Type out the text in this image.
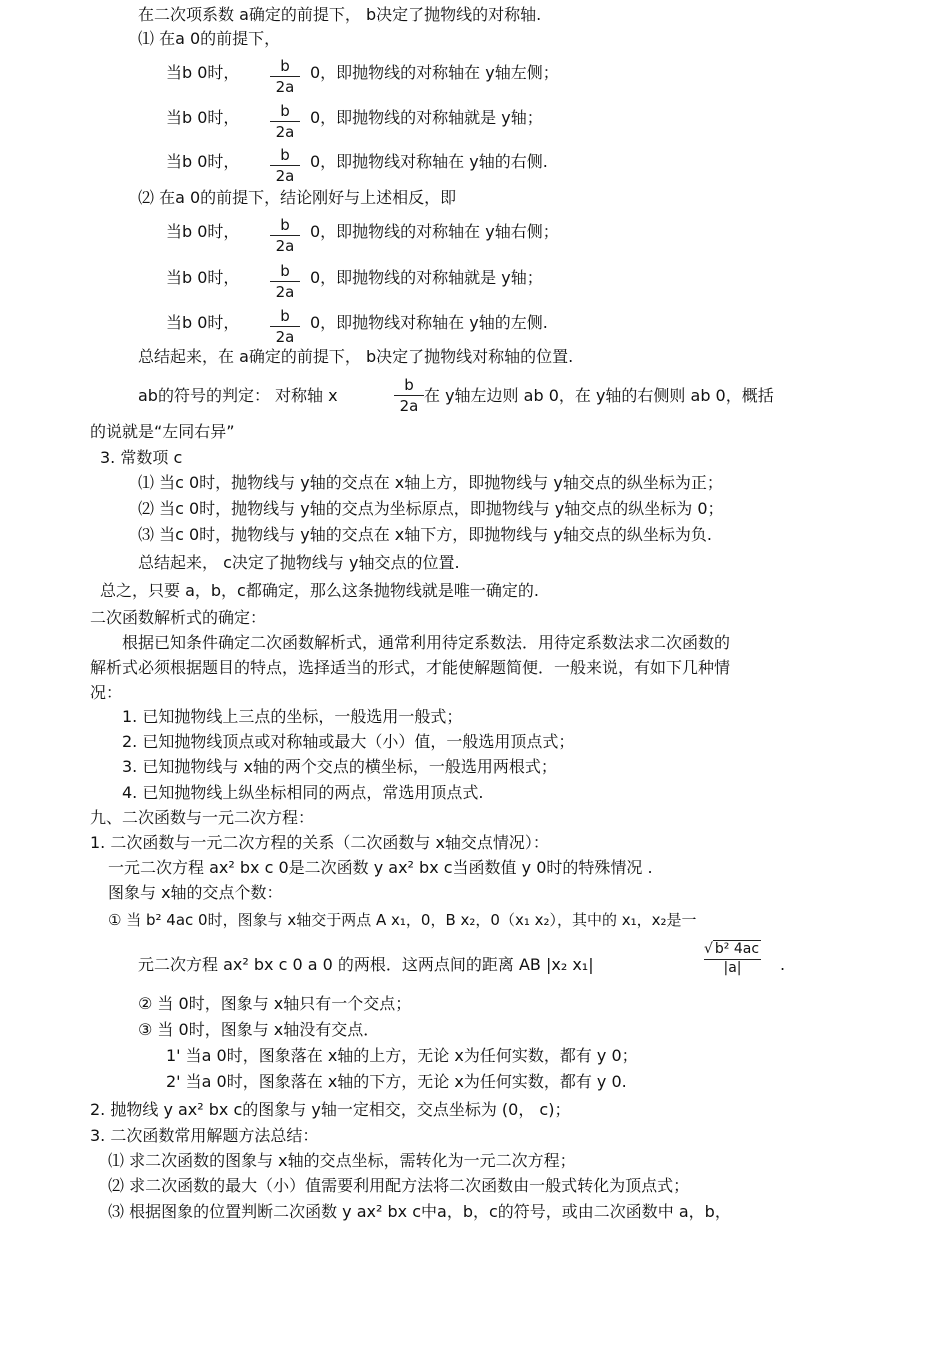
在二次项系数 a确定的前提下， b决定了抛物线的对称轴.
⑴ 在a 0的前提下，
当b 0时，	b
2a
0，即抛物线的对称轴在 y轴左侧；
当b 0时，	b
2a
0，即抛物线的对称轴就是 y轴；
当b 0时，	b
2a
0，即抛物线对称轴在 y轴的右侧.
⑵ 在a 0的前提下，结论刚好与上述相反，即
当b 0时，	b
2a
0，即抛物线的对称轴在 y轴右侧；
当b 0时，	b
2a
0，即抛物线的对称轴就是 y轴；
当b 0时，	b
2a
0，即抛物线对称轴在 y轴的左侧.
总结起来，在 a确定的前提下， b决定了抛物线对称轴的位置.
ab的符号的判定： 对称轴 x
b
2a
在 y轴左边则 ab 0，在 y轴的右侧则 ab 0，概括
的说就是“左同右异”
3. 常数项 c
⑴ 当c 0时，抛物线与 y轴的交点在 x轴上方，即抛物线与 y轴交点的纵坐标为正；
⑵ 当c 0时，抛物线与 y轴的交点为坐标原点，即抛物线与 y轴交点的纵坐标为 0；
⑶ 当c 0时，抛物线与 y轴的交点在 x轴下方，即抛物线与 y轴交点的纵坐标为负.
总结起来， c决定了抛物线与 y轴交点的位置.
总之，只要 a，b，c都确定，那么这条抛物线就是唯一确定的.
二次函数解析式的确定：
根据已知条件确定二次函数解析式，通常利用待定系数法．用待定系数法求二次函数的
解析式必须根据题目的特点，选择适当的形式，才能使解题简便．一般来说，有如下几种情
况：
1. 已知抛物线上三点的坐标，一般选用一般式；
2. 已知抛物线顶点或对称轴或最大（小）值，一般选用顶点式；
3. 已知抛物线与 x轴的两个交点的横坐标，一般选用两根式；
4. 已知抛物线上纵坐标相同的两点，常选用顶点式.
九、二次函数与一元二次方程：
1. 二次函数与一元二次方程的关系（二次函数与 x轴交点情况）：
一元二次方程 ax² bx c 0是二次函数 y ax² bx c当函数值 y 0时的特殊情况 .
图象与 x轴的交点个数：
① 当 b² 4ac 0时，图象与 x轴交于两点 A x₁，0，B x₂，0（x₁ x₂），其中的 x₁，x₂是一
元二次方程 ax² bx c 0 a 0 的两根．这两点间的距离 AB |x₂ x₁|
√ b² 4ac
|a|	.
② 当 0时，图象与 x轴只有一个交点；
③ 当 0时，图象与 x轴没有交点．
1' 当a 0时，图象落在 x轴的上方，无论 x为任何实数，都有 y 0；
2' 当a 0时，图象落在 x轴的下方，无论 x为任何实数，都有 y 0.
2. 抛物线 y ax² bx c的图象与 y轴一定相交，交点坐标为 (0， c)；
3. 二次函数常用解题方法总结：
⑴ 求二次函数的图象与 x轴的交点坐标，需转化为一元二次方程；
⑵ 求二次函数的最大（小）值需要利用配方法将二次函数由一般式转化为顶点式；
⑶ 根据图象的位置判断二次函数 y ax² bx c中a，b，c的符号，或由二次函数中 a，b，
